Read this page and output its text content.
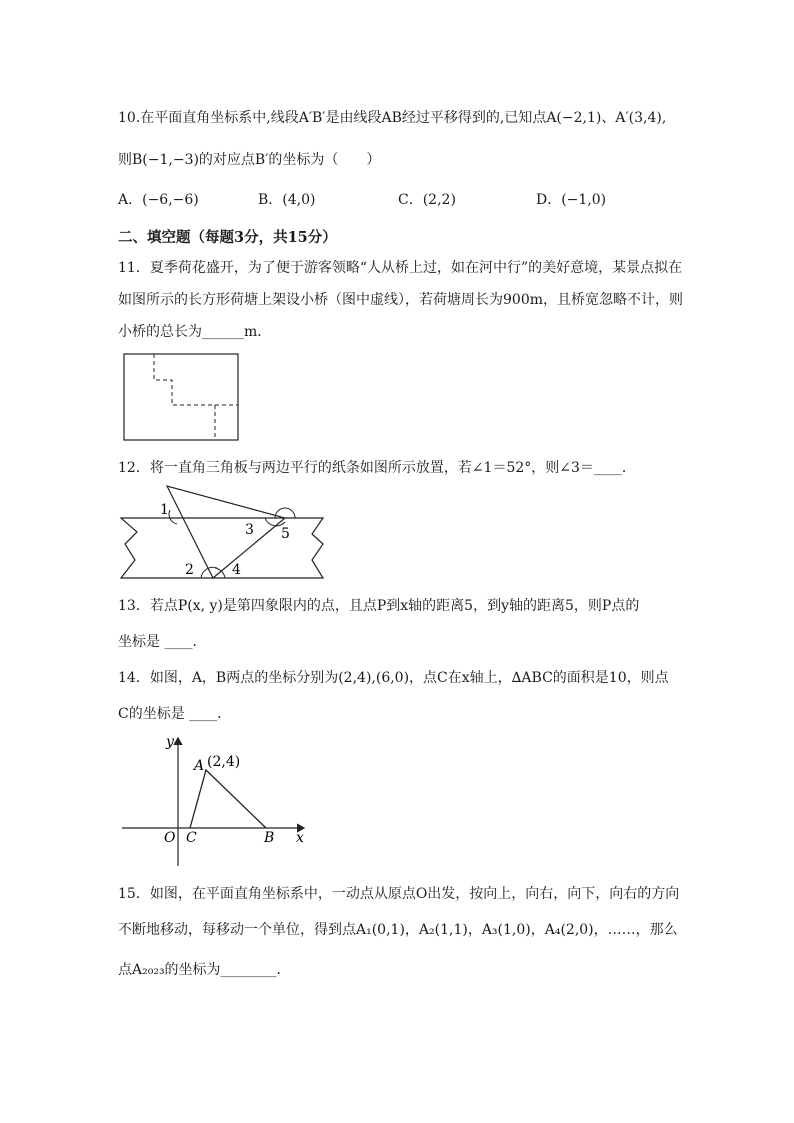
10.在平面直角坐标系中,线段A′B′是由线段AB经过平移得到的,已知点A(−2,1)、A′(3,4),
则B(−1,−3)的对应点B′的坐标为（　　）
A．(−6,−6)	B．(4,0)	C．(2,2)	D．(−1,0)
二、填空题（每题3分，共15分）
11．夏季荷花盛开，为了便于游客领略“人从桥上过，如在河中行”的美好意境，某景点拟在
如图所示的长方形荷塘上架设小桥（图中虚线），若荷塘周长为900m，且桥宽忽略不计，则
小桥的总长为______m．
12．将一直角三角板与两边平行的纸条如图所示放置，若∠1＝52°，则∠3＝____．
1
2
3
4
5
13．若点P(x, y)是第四象限内的点，且点P到x轴的距离5，到y轴的距离5，则P点的
坐标是 ____．
14．如图，A，B两点的坐标分别为(2,4),(6,0)，点C在x轴上，∆ABC的面积是10，则点
C的坐标是 ____．
y
x
O
A (2,4)
C	B
15．如图，在平面直角坐标系中，一动点从原点O出发，按向上，向右，向下，向右的方向
不断地移动，每移动一个单位，得到点A₁(0,1)，A₂(1,1)，A₃(1,0)，A₄(2,0)，……，那么
点A₂₀₂₃的坐标为________．
